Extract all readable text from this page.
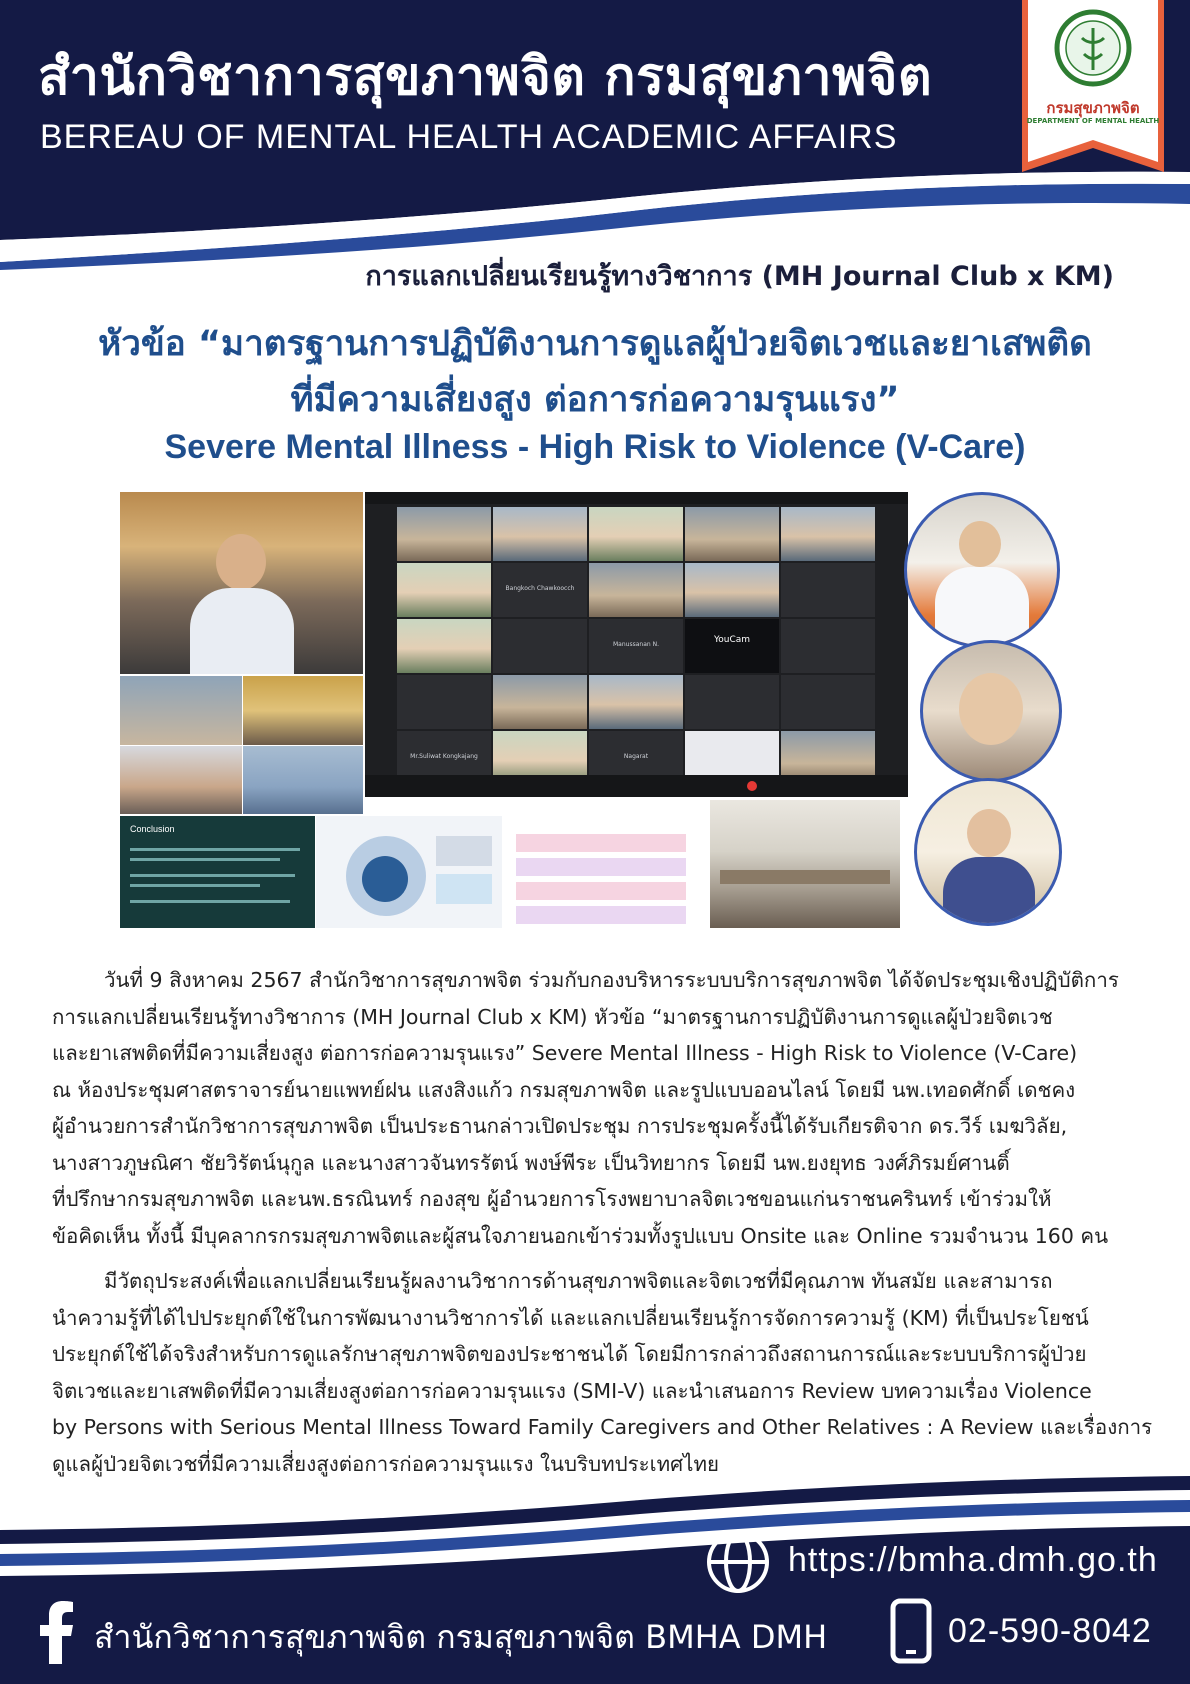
สำนักวิชาการสุขภาพจิต กรมสุขภาพจิต
BEREAU OF MENTAL HEALTH ACADEMIC AFFAIRS
กรมสุขภาพจิต
DEPARTMENT OF MENTAL HEALTH
การแลกเปลี่ยนเรียนรู้ทางวิชาการ (MH Journal Club x KM)
หัวข้อ “มาตรฐานการปฏิบัติงานการดูแลผู้ป่วยจิตเวชและยาเสพติด
ที่มีความเสี่ยงสูง ต่อการก่อความรุนแรง”
Severe Mental Illness - High Risk to Violence (V-Care)
Bangkoch Chawkoocch
Manussanan N.	YouCam
Mr.Suliwat Kongkajang	Nagarat
Conclusion
วันที่ 9 สิงหาคม 2567 สำนักวิชาการสุขภาพจิต ร่วมกับกองบริหารระบบบริการสุขภาพจิต ได้จัดประชุมเชิงปฏิบัติการ
การแลกเปลี่ยนเรียนรู้ทางวิชาการ (MH Journal Club x KM) หัวข้อ “มาตรฐานการปฏิบัติงานการดูแลผู้ป่วยจิตเวช
และยาเสพติดที่มีความเสี่ยงสูง ต่อการก่อความรุนแรง” Severe Mental Illness - High Risk to Violence (V-Care)
ณ ห้องประชุมศาสตราจารย์นายแพทย์ฝน แสงสิงแก้ว กรมสุขภาพจิต และรูปแบบออนไลน์ โดยมี นพ.เทอดศักดิ์ เดชคง
ผู้อำนวยการสำนักวิชาการสุขภาพจิต เป็นประธานกล่าวเปิดประชุม การประชุมครั้งนี้ได้รับเกียรติจาก ดร.วีร์ เมฆวิลัย,
นางสาวภูษณิศา ชัยวิรัตน์นุกูล และนางสาวจันทรรัตน์ พงษ์พีระ เป็นวิทยากร โดยมี นพ.ยงยุทธ วงศ์ภิรมย์ศานติ์
ที่ปรึกษากรมสุขภาพจิต และนพ.ธรณินทร์ กองสุข ผู้อำนวยการโรงพยาบาลจิตเวชขอนแก่นราชนครินทร์ เข้าร่วมให้
ข้อคิดเห็น ทั้งนี้ มีบุคลากรกรมสุขภาพจิตและผู้สนใจภายนอกเข้าร่วมทั้งรูปแบบ Onsite และ Online รวมจำนวน 160 คน
มีวัตถุประสงค์เพื่อแลกเปลี่ยนเรียนรู้ผลงานวิชาการด้านสุขภาพจิตและจิตเวชที่มีคุณภาพ ทันสมัย และสามารถ
นำความรู้ที่ได้ไปประยุกต์ใช้ในการพัฒนางานวิชาการได้ และแลกเปลี่ยนเรียนรู้การจัดการความรู้ (KM) ที่เป็นประโยชน์
ประยุกต์ใช้ได้จริงสำหรับการดูแลรักษาสุขภาพจิตของประชาชนได้ โดยมีการกล่าวถึงสถานการณ์และระบบบริการผู้ป่วย
จิตเวชและยาเสพติดที่มีความเสี่ยงสูงต่อการก่อความรุนแรง (SMI-V) และนำเสนอการ Review บทความเรื่อง Violence
by Persons with Serious Mental Illness Toward Family Caregivers and Other Relatives : A Review และเรื่องการ
ดูแลผู้ป่วยจิตเวชที่มีความเสี่ยงสูงต่อการก่อความรุนแรง ในบริบทประเทศไทย
https://bmha.dmh.go.th
สำนักวิชาการสุขภาพจิต กรมสุขภาพจิต BMHA DMH	02-590-8042
